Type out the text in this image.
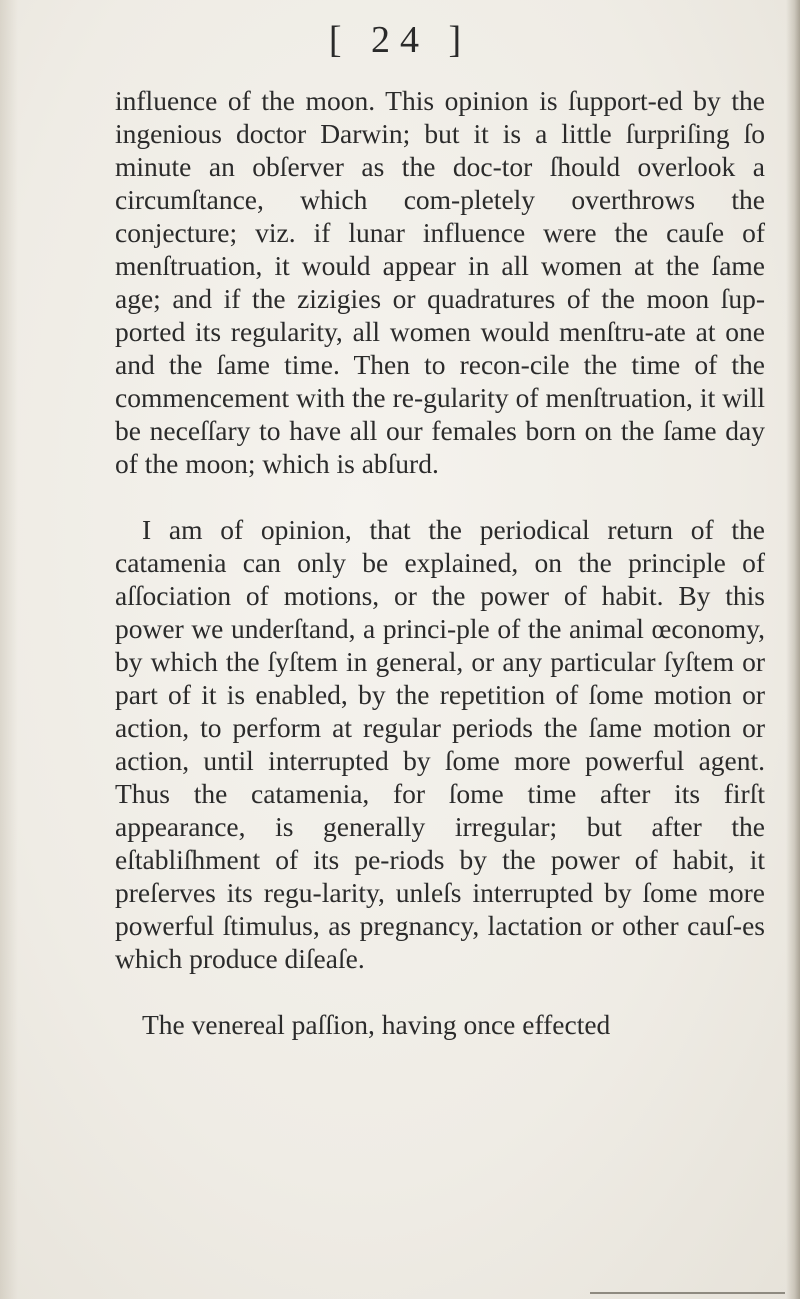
[ 24 ]

influence of the moon. This opinion is ſupport-ed by the ingenious doctor Darwin; but it is a little ſurpriſing ſo minute an obſerver as the doc-tor ſhould overlook a circumſtance, which com-pletely overthrows the conjecture; viz. if lunar influence were the cauſe of menſtruation, it would appear in all women at the ſame age; and if the zizigies or quadratures of the moon ſup-ported its regularity, all women would menſtru-ate at one and the ſame time. Then to recon-cile the time of the commencement with the re-gularity of menſtruation, it will be neceſſary to have all our females born on the ſame day of the moon; which is abſurd.

I am of opinion, that the periodical return of the catamenia can only be explained, on the principle of aſſociation of motions, or the power of habit. By this power we underſtand, a princi-ple of the animal œconomy, by which the ſyſtem in general, or any particular ſyſtem or part of it is enabled, by the repetition of ſome motion or action, to perform at regular periods the ſame motion or action, until interrupted by ſome more powerful agent. Thus the catamenia, for ſome time after its firſt appearance, is generally irregular; but after the eſtabliſhment of its pe-riods by the power of habit, it preſerves its regu-larity, unleſs interrupted by ſome more powerful ſtimulus, as pregnancy, lactation or other cauſ-es which produce diſeaſe.

The venereal paſſion, having once effected
